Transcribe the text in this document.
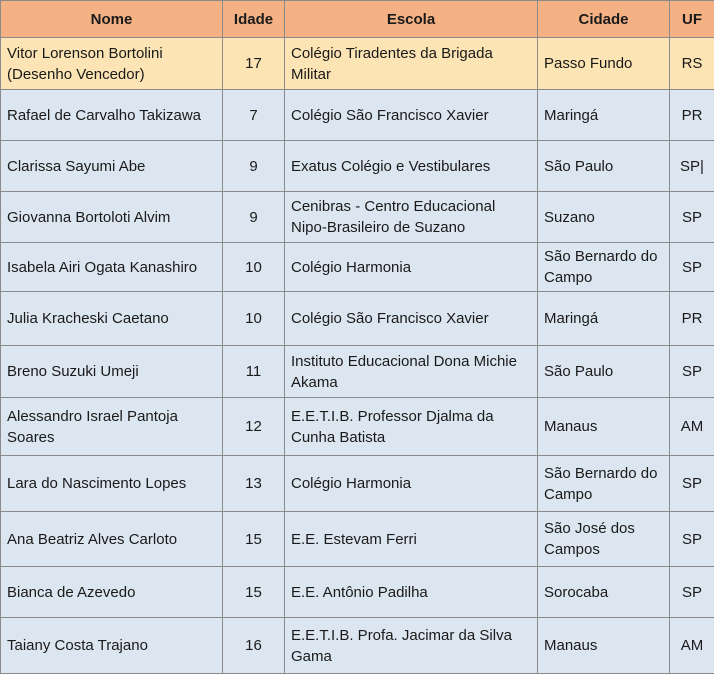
Nome	Idade	Escola	Cidade	UF
Vitor Lorenson Bortolini (Desenho Vencedor)	17	Colégio Tiradentes da Brigada Militar	Passo Fundo	RS
Rafael de Carvalho Takizawa	7	Colégio São Francisco Xavier	Maringá	PR
Clarissa Sayumi Abe	9	Exatus Colégio e Vestibulares	São Paulo	SP|
Giovanna Bortoloti Alvim	9	Cenibras - Centro Educacional Nipo-Brasileiro de Suzano	Suzano	SP
Isabela Airi Ogata Kanashiro	10	Colégio Harmonia	São Bernardo do Campo	SP
Julia Kracheski Caetano	10	Colégio São Francisco Xavier	Maringá	PR
Breno Suzuki Umeji	11	Instituto Educacional Dona Michie Akama	São Paulo	SP
Alessandro Israel Pantoja Soares	12	E.E.T.I.B. Professor Djalma da Cunha Batista	Manaus	AM
Lara do Nascimento Lopes	13	Colégio Harmonia	São Bernardo do Campo	SP
Ana Beatriz Alves Carloto	15	E.E. Estevam Ferri	São José dos Campos	SP
Bianca de Azevedo	15	E.E. Antônio Padilha	Sorocaba	SP
Taiany Costa Trajano	16	E.E.T.I.B. Profa. Jacimar da Silva Gama	Manaus	AM
